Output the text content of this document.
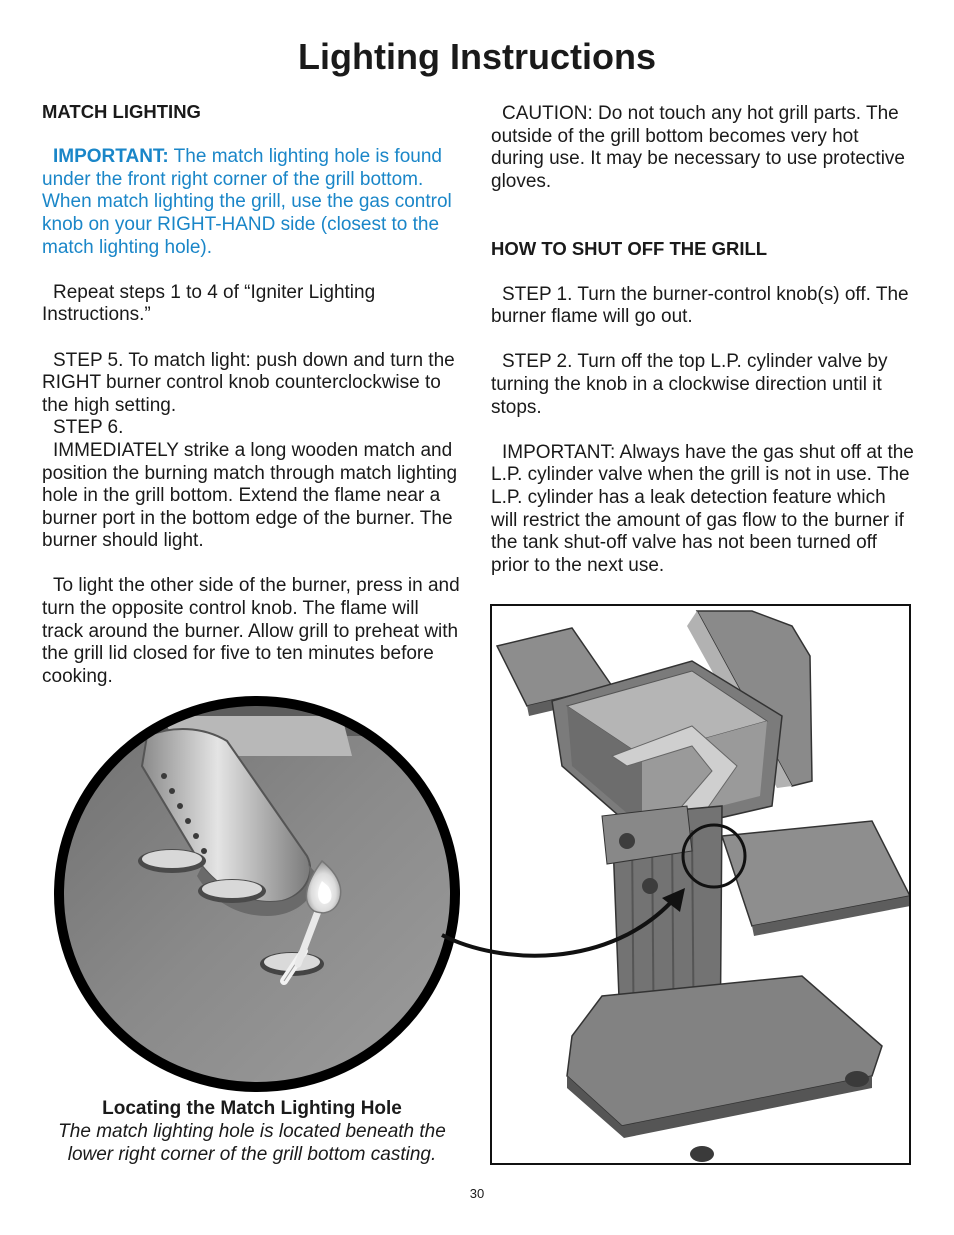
Lighting Instructions

MATCH LIGHTING

IMPORTANT: The match lighting hole is found under the front right corner of the grill bottom. When match lighting the grill, use the gas control knob on your RIGHT-HAND side (closest to the match lighting hole).

Repeat steps 1 to 4 of “Igniter Lighting Instructions.”

STEP 5. To match light: push down and turn the RIGHT burner control knob counterclockwise to the high setting.

STEP 6.

IMMEDIATELY strike a long wooden match and position the burning match through match lighting hole in the grill bottom. Extend the flame near a burner port in the bottom edge of the burner. The burner should light.

To light the other side of the burner, press in and turn the opposite control knob. The flame will track around the burner. Allow grill to preheat with the grill lid closed for five to ten minutes before cooking.

CAUTION: Do not touch any hot grill parts. The outside of the grill bottom becomes very hot during use. It may be necessary to use protective gloves.

HOW TO SHUT OFF THE GRILL

STEP 1. Turn the burner-control knob(s) off. The burner flame will go out.

STEP 2. Turn off the top L.P. cylinder valve by turning the knob in a clockwise direction until it stops.

IMPORTANT: Always have the gas shut off at the L.P. cylinder valve when the grill is not in use. The L.P. cylinder has a leak detection feature which will restrict the amount of gas flow to the burner if the tank shut-off valve has not been turned off prior to the next use.

Locating the Match Lighting Hole
The match lighting hole is located beneath the lower right corner of the grill bottom casting.
30
